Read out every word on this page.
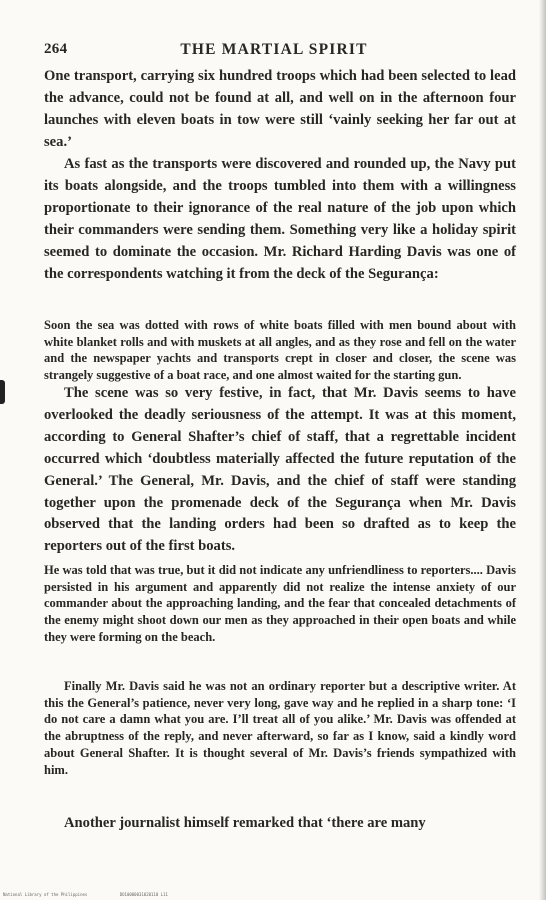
264	THE MARTIAL SPIRIT

One transport, carrying six hundred troops which had been selected to lead the advance, could not be found at all, and well on in the afternoon four launches with eleven boats in tow were still ‘vainly seeking her far out at sea.’

As fast as the transports were discovered and rounded up, the Navy put its boats alongside, and the troops tumbled into them with a willingness proportionate to their ignorance of the real nature of the job upon which their commanders were sending them. Something very like a holiday spirit seemed to dominate the occasion. Mr. Richard Harding Davis was one of the correspondents watching it from the deck of the Segurança:

Soon the sea was dotted with rows of white boats filled with men bound about with white blanket rolls and with muskets at all angles, and as they rose and fell on the water and the newspaper yachts and transports crept in closer and closer, the scene was strangely suggestive of a boat race, and one almost waited for the starting gun.

The scene was so very festive, in fact, that Mr. Davis seems to have overlooked the deadly seriousness of the attempt. It was at this moment, according to General Shafter’s chief of staff, that a regrettable incident occurred which ‘doubtless materially affected the future reputation of the General.’ The General, Mr. Davis, and the chief of staff were standing together upon the promenade deck of the Segurança when Mr. Davis observed that the landing orders had been so drafted as to keep the reporters out of the first boats.

He was told that was true, but it did not indicate any unfriendliness to reporters.... Davis persisted in his argument and apparently did not realize the intense anxiety of our commander about the approaching landing, and the fear that concealed detachments of the enemy might shoot down our men as they approached in their open boats and while they were forming on the beach.

Finally Mr. Davis said he was not an ordinary reporter but a descriptive writer. At this the General’s patience, never very long, gave way and he replied in a sharp tone: ‘I do not care a damn what you are. I’ll treat all of you alike.’ Mr. Davis was offended at the abruptness of the reply, and never afterward, so far as I know, said a kindly word about General Shafter. It is thought several of Mr. Davis’s friends sympathized with him.

Another journalist himself remarked that ‘there are many

National Library of the Philippines	DO10000031020110 L11
